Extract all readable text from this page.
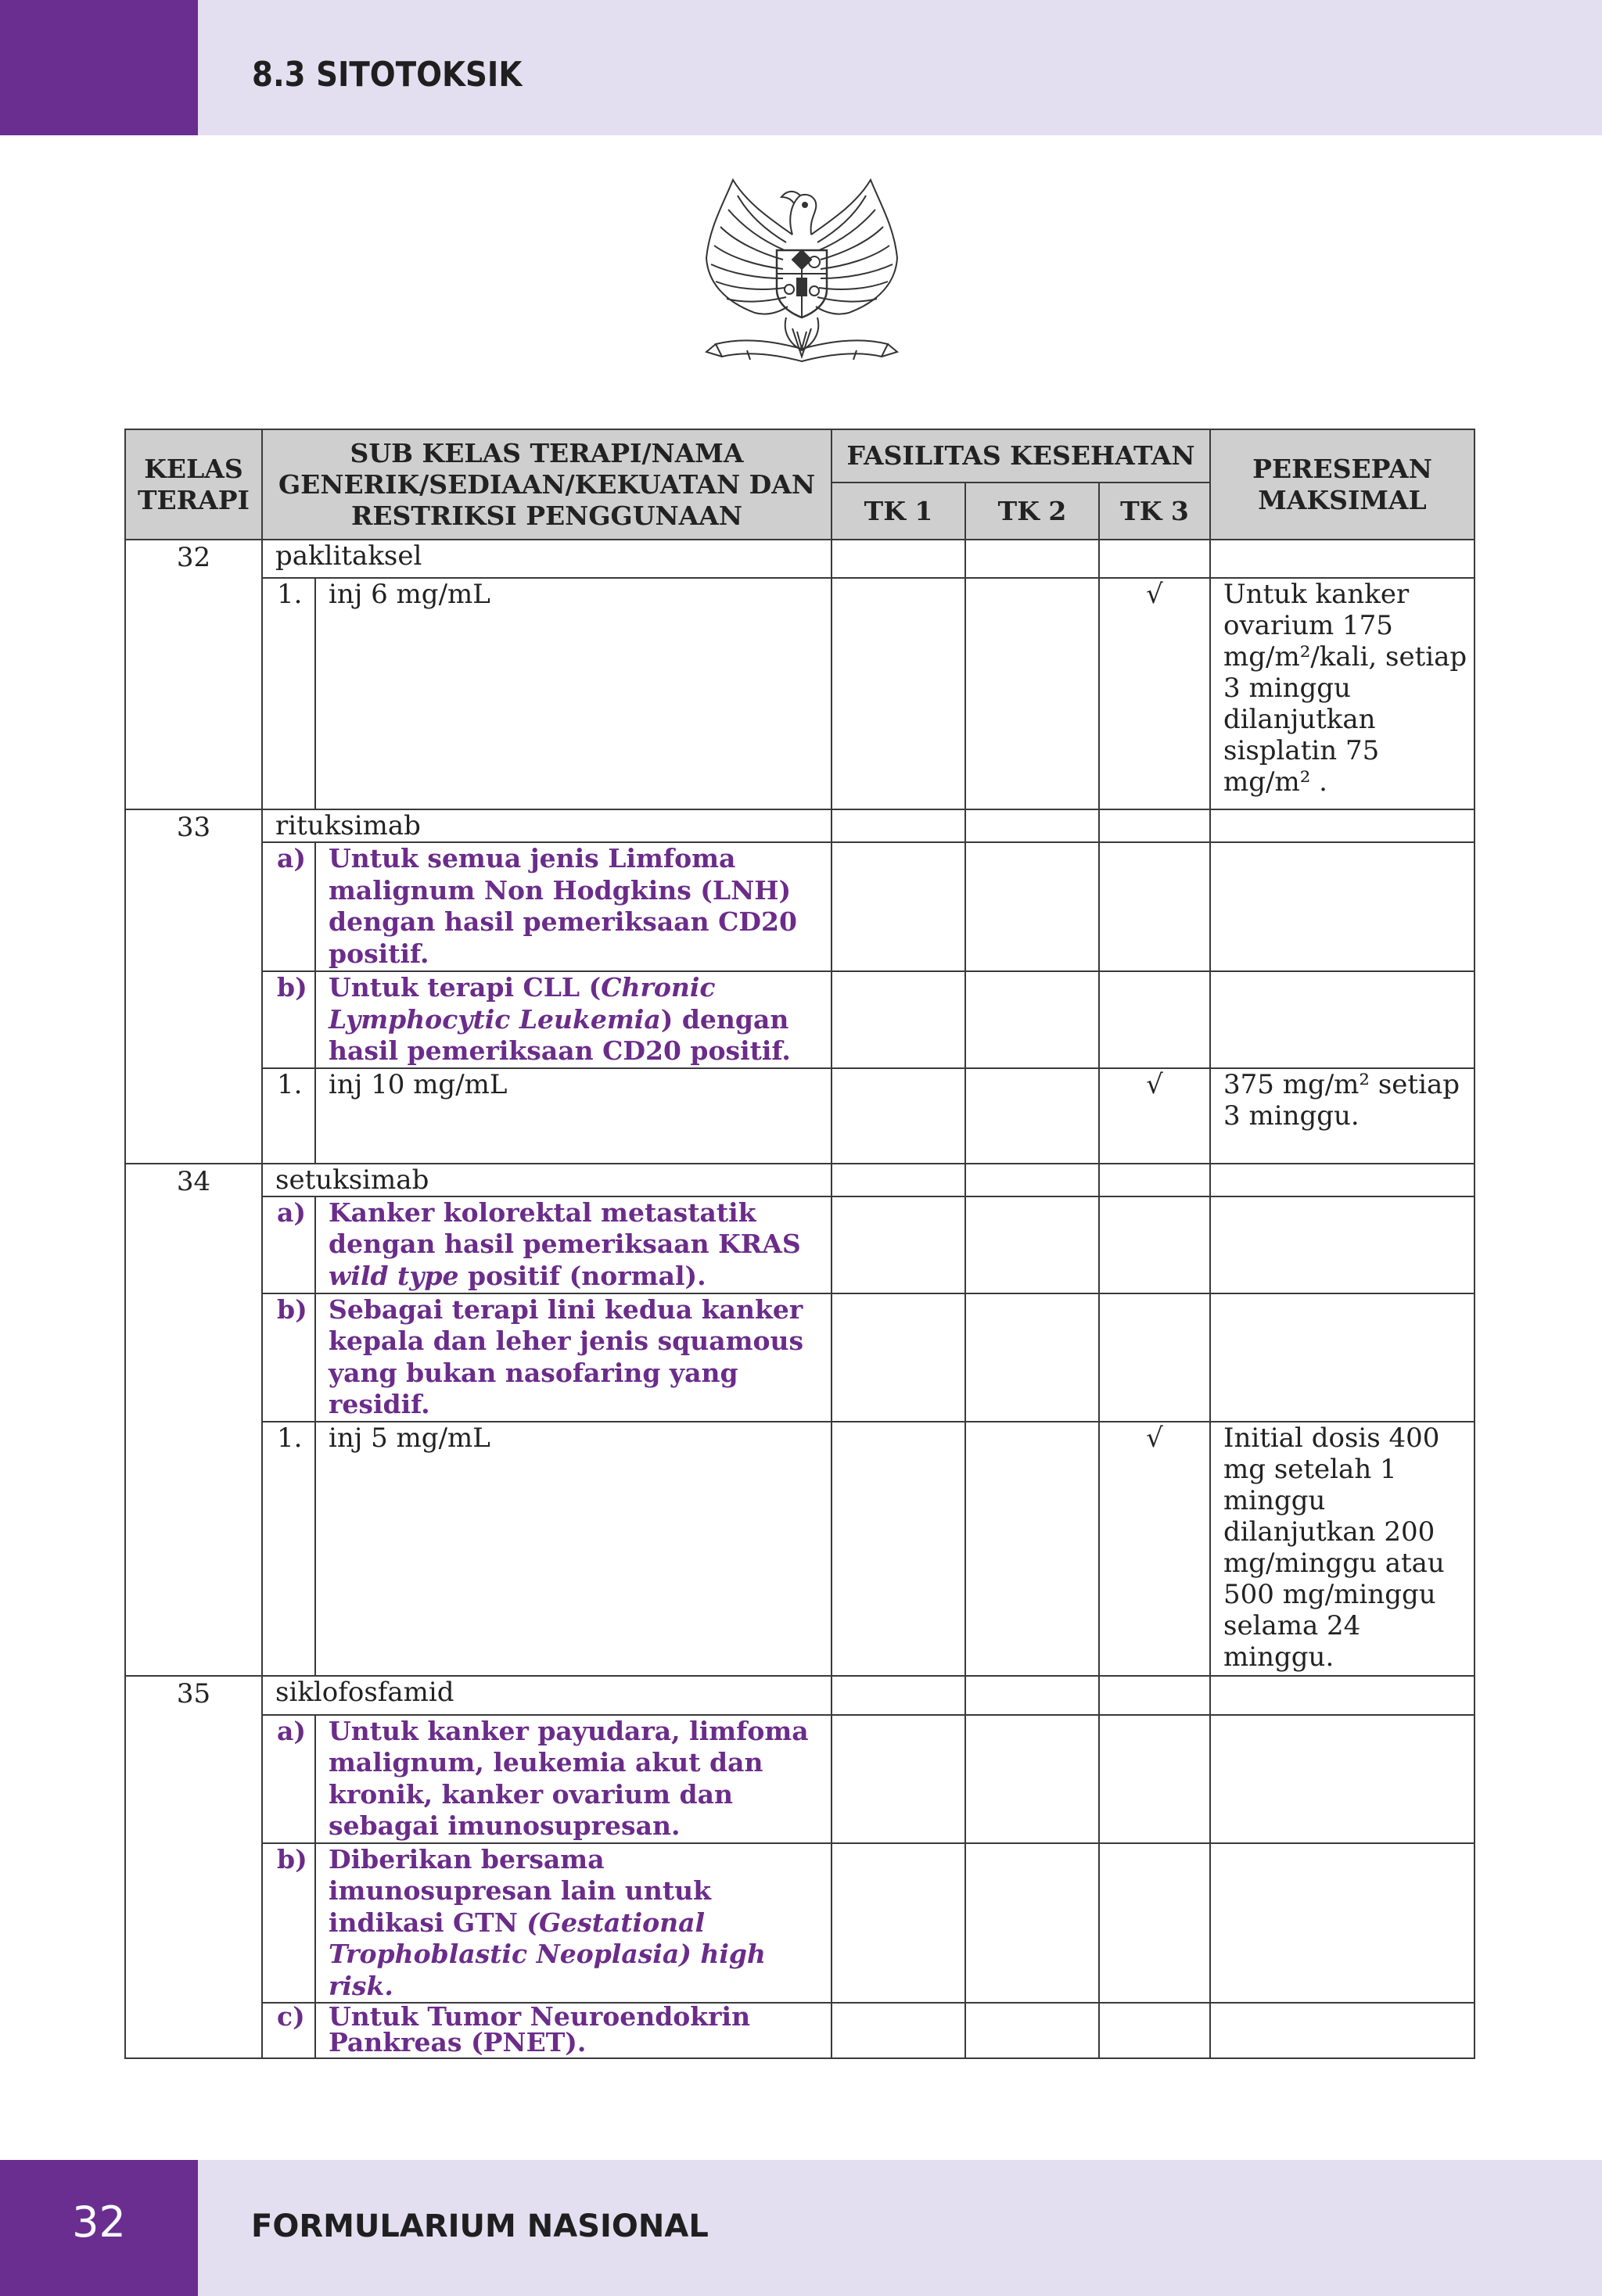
8.3 SITOTOKSIK
KELAS TERAPI	SUB KELAS TERAPI/NAMA GENERIK/SEDIAAN/KEKUATAN DAN RESTRIKSI PENGGUNAAN		FASILITAS KESEHATAN			PERESEPAN MAKSIMAL
			TK 1	TK 2	TK 3	
32	paklitaksel					
	1.	inj 6 mg/mL			√	Untuk kanker ovarium 175 mg/m²/kali, setiap 3 minggu dilanjutkan sisplatin 75 mg/m² .
33	rituksimab					
	a)	Untuk semua jenis Limfoma malignum Non Hodgkins (LNH) dengan hasil pemeriksaan CD20 positif.				
	b)	Untuk terapi CLL (Chronic Lymphocytic Leukemia) dengan hasil pemeriksaan CD20 positif.				
	1.	inj 10 mg/mL			√	375 mg/m² setiap 3 minggu.
34	setuksimab					
	a)	Kanker kolorektal metastatik dengan hasil pemeriksaan KRAS wild type positif (normal).				
	b)	Sebagai terapi lini kedua kanker kepala dan leher jenis squamous yang bukan nasofaring yang residif.				
	1.	inj 5 mg/mL			√	Initial dosis 400 mg setelah 1 minggu dilanjutkan 200 mg/minggu atau 500 mg/minggu selama 24 minggu.
35	siklofosfamid					
	a)	Untuk kanker payudara, limfoma malignum, leukemia akut dan kronik, kanker ovarium dan sebagai imunosupresan.				
	b)	Diberikan bersama imunosupresan lain untuk indikasi GTN (Gestational Trophoblastic Neoplasia) high risk.				
	c)	Untuk Tumor Neuroendokrin Pankreas (PNET).				
32	FORMULARIUM NASIONAL
